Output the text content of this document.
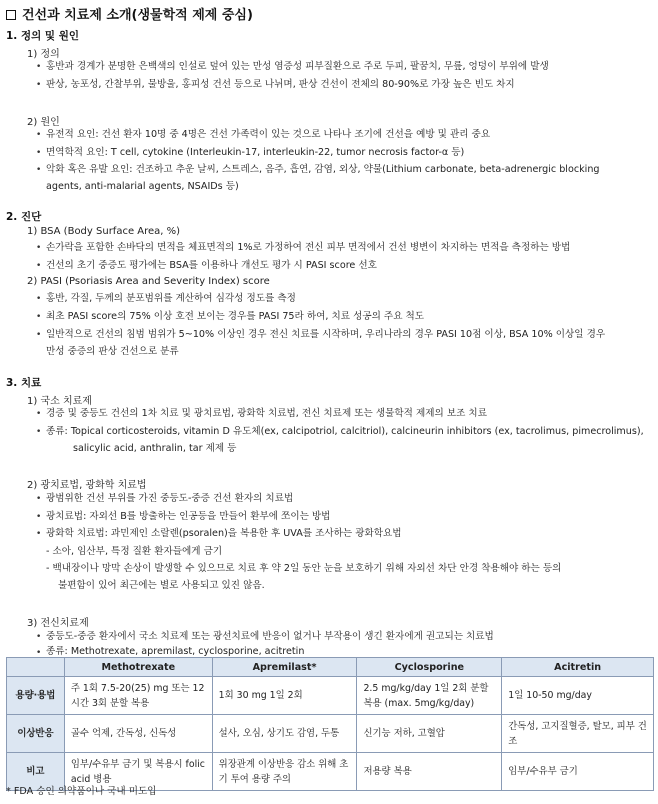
건선과 치료제 소개(생물학적 제제 중심)
1. 정의 및 원인
1) 정의
• 홍반과 경계가 분명한 은백색의 인설로 덮여 있는 만성 염증성 피부질환으로 주로 두피, 팔꿈치, 무릎, 엉덩이 부위에 발생
• 판상, 농포성, 간찰부위, 물방울, 홍피성 건선 등으로 나뉘며, 판상 건선이 전체의 80-90%로 가장 높은 빈도 차지
2) 원인
• 유전적 요인: 건선 환자 10명 중 4명은 건선 가족력이 있는 것으로 나타나 조기에 건선을 예방 및 관리 중요
• 면역학적 요인: T cell, cytokine (Interleukin-17, interleukin-22, tumor necrosis factor-α 등)
• 악화 혹은 유발 요인: 건조하고 추운 날씨, 스트레스, 음주, 흡연, 감염, 외상, 약물(Lithium carbonate, beta-adrenergic blocking
agents, anti-malarial agents, NSAIDs 등)
2. 진단
1) BSA (Body Surface Area, %)
• 손가락을 포함한 손바닥의 면적을 체표면적의 1%로 가정하여 전신 피부 면적에서 건선 병변이 차지하는 면적을 측정하는 방법
• 건선의 초기 중증도 평가에는 BSA를 이용하나 개선도 평가 시 PASI score 선호
2) PASI (Psoriasis Area and Severity Index) score
• 홍반, 각질, 두께의 분포범위를 계산하여 심각성 정도를 측정
• 최초 PASI score의 75% 이상 호전 보이는 경우를 PASI 75라 하여, 치료 성공의 주요 척도
• 일반적으로 건선의 침범 범위가 5~10% 이상인 경우 전신 치료를 시작하며, 우리나라의 경우 PASI 10점 이상, BSA 10% 이상일 경우
만성 중증의 판상 건선으로 분류
3. 치료
1) 국소 치료제
• 경증 및 중등도 건선의 1차 치료 및 광치료법, 광화학 치료법, 전신 치료제 또는 생물학적 제제의 보조 치료
• 종류: Topical corticosteroids, vitamin D 유도체(ex, calcipotriol, calcitriol), calcineurin inhibitors (ex, tacrolimus, pimecrolimus),
salicylic acid, anthralin, tar 제제 등
2) 광치료법, 광화학 치료법
• 광범위한 건선 부위를 가진 중등도-중증 건선 환자의 치료법
• 광치료법: 자외선 B를 방출하는 인공등을 만들어 환부에 쪼이는 방법
• 광화학 치료법: 과민제인 소랄렌(psoralen)을 복용한 후 UVA를 조사하는 광화학요법
- 소아, 임산부, 특정 질환 환자들에게 금기
- 백내장이나 망막 손상이 발생할 수 있으므로 치료 후 약 2일 동안 눈을 보호하기 위해 자외선 차단 안경 착용해야 하는 등의
불편함이 있어 최근에는 별로 사용되고 있진 않음.
3) 전신치료제
• 중등도-중증 환자에서 국소 치료제 또는 광선치료에 반응이 없거나 부작용이 생긴 환자에게 권고되는 치료법
• 종류: Methotrexate, apremilast, cyclosporine, acitretin
	Methotrexate	Apremilast*	Cyclosporine	Acitretin
용량·용법	주 1회 7.5-20(25) mg 또는 12시간 3회 분할 복용	1회 30 mg 1일 2회	2.5 mg/kg/day 1일 2회 분할 복용 (max. 5mg/kg/day)	1일 10-50 mg/day
이상반응	골수 억제, 간독성, 신독성	설사, 오심, 상기도 감염, 두통	신기능 저하, 고혈압	간독성, 고지질혈증, 탈모, 피부 건조
비고	임부/수유부 금기 및 복용시 folic acid 병용	위장관계 이상반응 감소 위해 초기 투여 용량 주의	저용량 복용	임부/수유부 금기
* FDA 승인 의약품이나 국내 미도입
